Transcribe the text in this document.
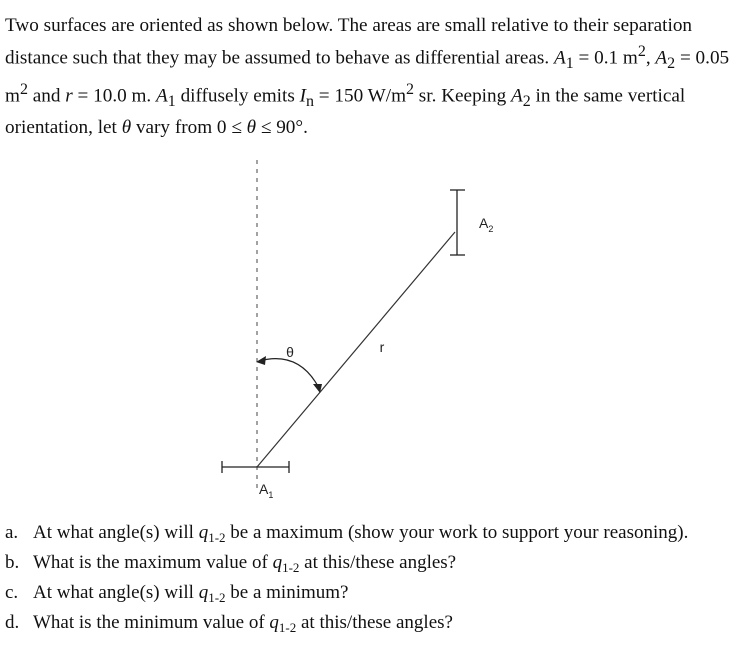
Two surfaces are oriented as shown below. The areas are small relative to their separation distance such that they may be assumed to behave as differential areas. $A_1 = 0.1$ $m^2$, $A_2 = 0.05$ $m^2$ and r = 10.0 m. $A_1$ diffusely emits $I_n = 150$ $W/m^2$ sr. Keeping $A_2$ in the same vertical orientation, let θ vary from 0 ≤ θ ≤ 90°.

θ	r
$A_2$
$A_1$
a. At what angle(s) will $q_{1-2}$ be a maximum (show your work to support your reasoning).
b. What is the maximum value of $q_{1-2}$ at this/these angles?
c. At what angle(s) will $q_{1-2}$ be a minimum?
d. What is the minimum value of $q_{1-2}$ at this/these angles?
